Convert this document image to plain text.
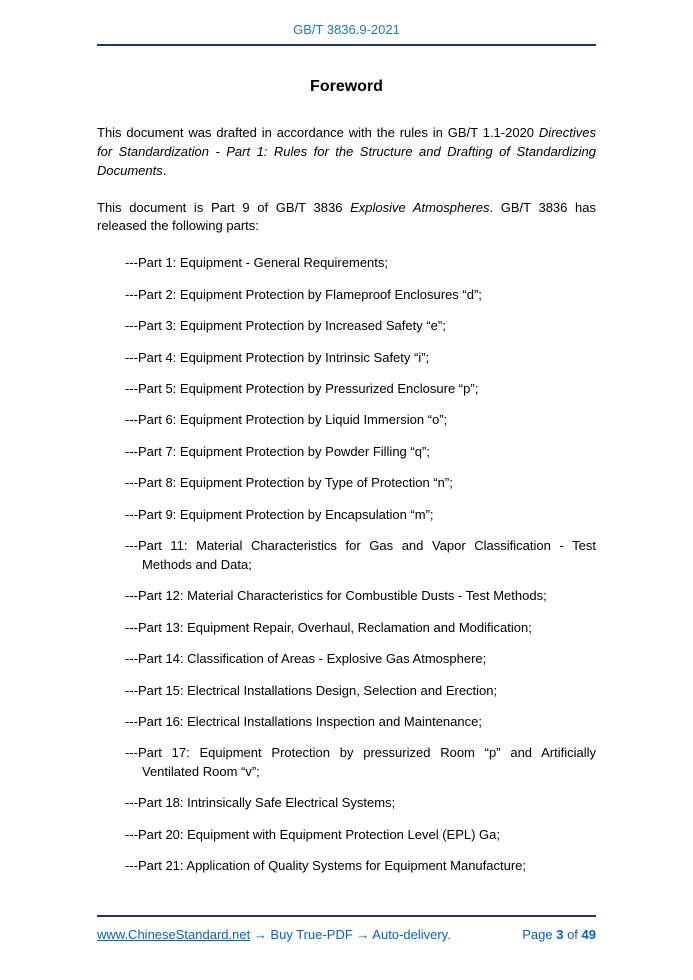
GB/T 3836.9-2021
Foreword

This document was drafted in accordance with the rules in GB/T 1.1-2020 Directives for Standardization - Part 1: Rules for the Structure and Drafting of Standardizing Documents.

This document is Part 9 of GB/T 3836 Explosive Atmospheres. GB/T 3836 has released the following parts:

---Part 1: Equipment - General Requirements;
---Part 2: Equipment Protection by Flameproof Enclosures “d”;
---Part 3: Equipment Protection by Increased Safety “e”;
---Part 4: Equipment Protection by Intrinsic Safety “i”;
---Part 5: Equipment Protection by Pressurized Enclosure “p”;
---Part 6: Equipment Protection by Liquid Immersion “o”;
---Part 7: Equipment Protection by Powder Filling “q”;
---Part 8: Equipment Protection by Type of Protection “n”;
---Part 9: Equipment Protection by Encapsulation “m”;
---Part 11: Material Characteristics for Gas and Vapor Classification - Test Methods and Data;
---Part 12: Material Characteristics for Combustible Dusts - Test Methods;
---Part 13: Equipment Repair, Overhaul, Reclamation and Modification;
---Part 14: Classification of Areas - Explosive Gas Atmosphere;
---Part 15: Electrical Installations Design, Selection and Erection;
---Part 16: Electrical Installations Inspection and Maintenance;
---Part 17: Equipment Protection by pressurized Room “p” and Artificially Ventilated Room “v”;
---Part 18: Intrinsically Safe Electrical Systems;
---Part 20: Equipment with Equipment Protection Level (EPL) Ga;
---Part 21: Application of Quality Systems for Equipment Manufacture;
www.ChineseStandard.net → Buy True-PDF → Auto-delivery.	Page 3 of 49
